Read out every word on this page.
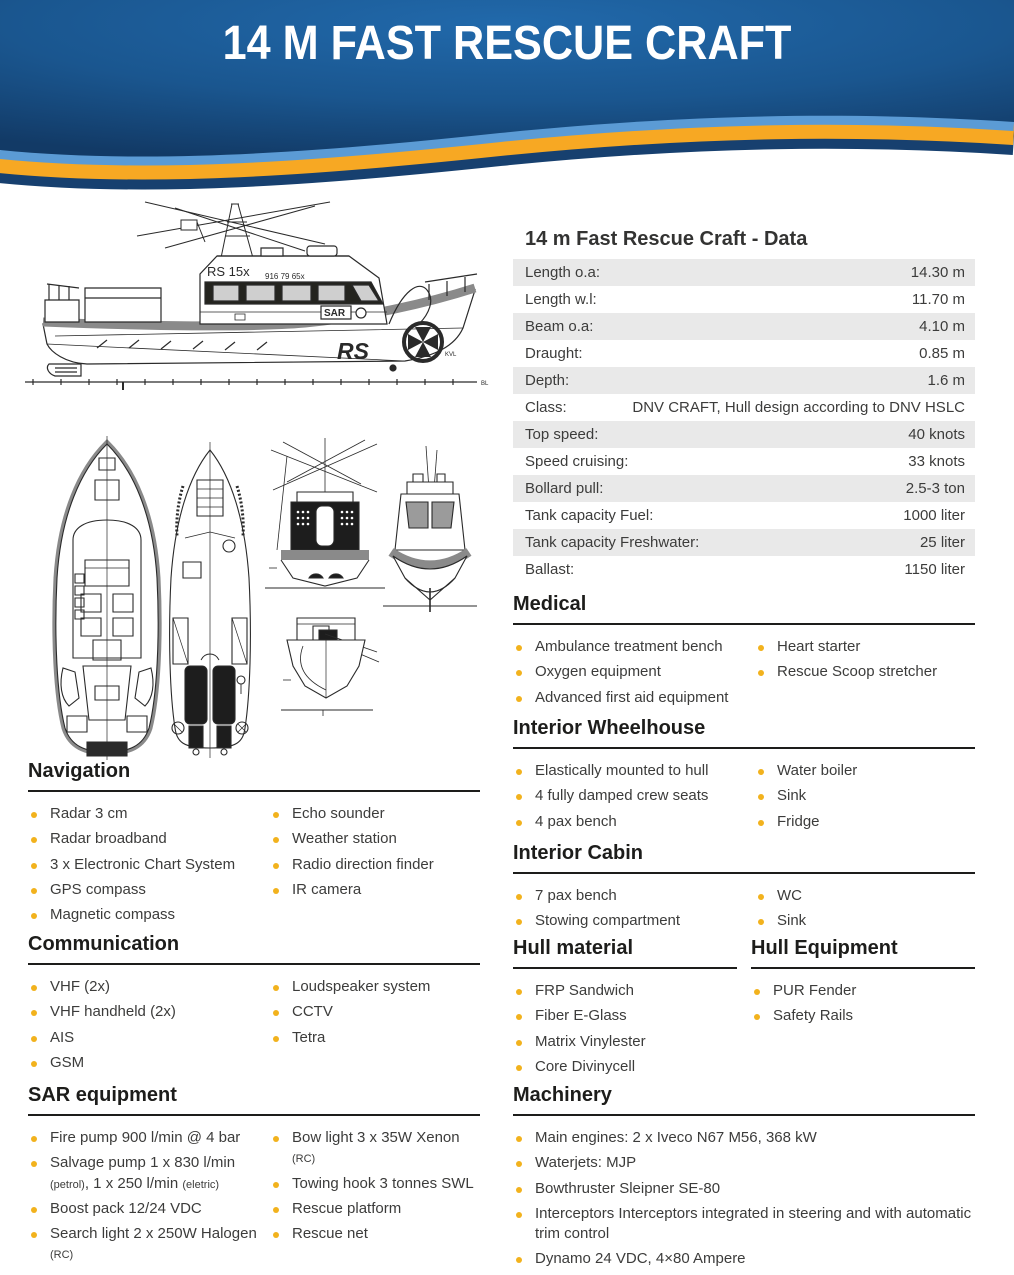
14 M FAST RESCUE CRAFT
RS 15x 916 79 65x
SAR
RS	KVL
BL
14 m Fast Rescue Craft - Data
Length o.a:	14.30 m
Length w.l:	11.70 m
Beam o.a:	4.10 m
Draught:	0.85 m
Depth:	1.6 m
Class:	DNV CRAFT, Hull design according to DNV HSLC
Top speed:	40 knots
Speed cruising:	33 knots
Bollard pull:	2.5-3 ton
Tank capacity Fuel:	1000 liter
Tank capacity Freshwater:	25 liter
Ballast:	1150 liter
Medical
Ambulance treatment bench
Oxygen equipment
Advanced first aid equipment
Heart starter
Rescue Scoop stretcher
Interior Wheelhouse
Elastically mounted to hull
4 fully damped crew seats
4 pax bench
Water boiler
Sink
Fridge
Interior Cabin
7 pax bench
Stowing compartment
WC
Sink
Hull material
FRP Sandwich
Fiber E-Glass
Matrix Vinylester
Core Divinycell
Hull Equipment
PUR Fender
Safety Rails
Machinery
Main engines: 2 x Iveco N67 M56, 368 kW
Waterjets: MJP
Bowthruster Sleipner SE-80
Interceptors Interceptors integrated in steering and with automatic trim control
Dynamo 24 VDC, 4×80 Ampere
Navigation
Radar 3 cm
Radar broadband
3 x Electronic Chart System
GPS compass
Magnetic compass
Echo sounder
Weather station
Radio direction finder
IR camera
Communication
VHF (2x)
VHF handheld (2x)
AIS
GSM
Loudspeaker system
CCTV
Tetra
SAR equipment
Fire pump 900 l/min @ 4 bar
Salvage pump 1 x 830 l/min (petrol), 1 x 250 l/min (eletric)
Boost pack 12/24 VDC
Search light 2 x 250W Halogen (RC)
Bow light 3 x 35W Xenon (RC)
Towing hook 3 tonnes SWL
Rescue platform
Rescue net
